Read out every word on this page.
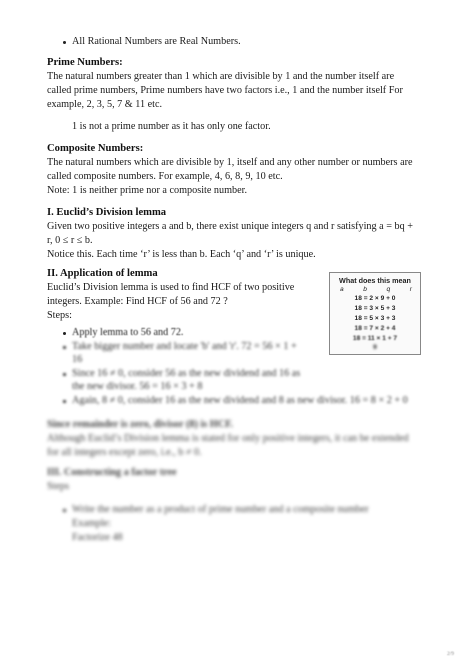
All Rational Numbers are Real Numbers.
Prime Numbers:
The natural numbers greater than 1 which are divisible by 1 and the number itself are
called prime numbers, Prime numbers have two factors i.e., 1 and the number itself For
example, 2, 3, 5, 7 & 11 etc.
1 is not a prime number as it has only one factor.
Composite Numbers:
The natural numbers which are divisible by 1, itself and any other number or numbers are
called composite numbers. For example, 4, 6, 8, 9, 10 etc.
Note: 1 is neither prime nor a composite number.
I. Euclid’s Division lemma
Given two positive integers a and b, there exist unique integers q and r satisfying a = bq +
r, 0 ≤ r ≤ b.
Notice this. Each time ‘r’ is less than b. Each ‘q’ and ‘r’ is unique.
II. Application of lemma
Euclid’s Division lemma is used to find HCF of two positive
integers. Example: Find HCF of 56 and 72 ?
Steps:
Apply lemma to 56 and 72.
Take bigger number and locate 'b' and 'r'. 72 = 56 × 1 +
16
Since 16 ≠ 0, consider 56 as the new dividend and 16 as
the new divisor. 56 = 16 × 3 + 8
Again, 8 ≠ 0, consider 16 as the new dividend and 8 as new divisor. 16 = 8 × 2 + 0
Since remainder is zero, divisor (8) is HCF.
Although Euclid’s Division lemma is stated for only positive integers, it can be extended
for all integers except zero, i.e., b ≠ 0.
III. Constructing a factor tree
Steps
Write the number as a product of prime number and a composite number
Example:
Factorize 48
What does this mean
a	b	q	r
18 = 2 × 9 + 0
18 = 3 × 5 + 3
18 = 5 × 3 + 3
18 = 7 × 2 + 4
18 = 11 × 1 + 7
9
2/9
